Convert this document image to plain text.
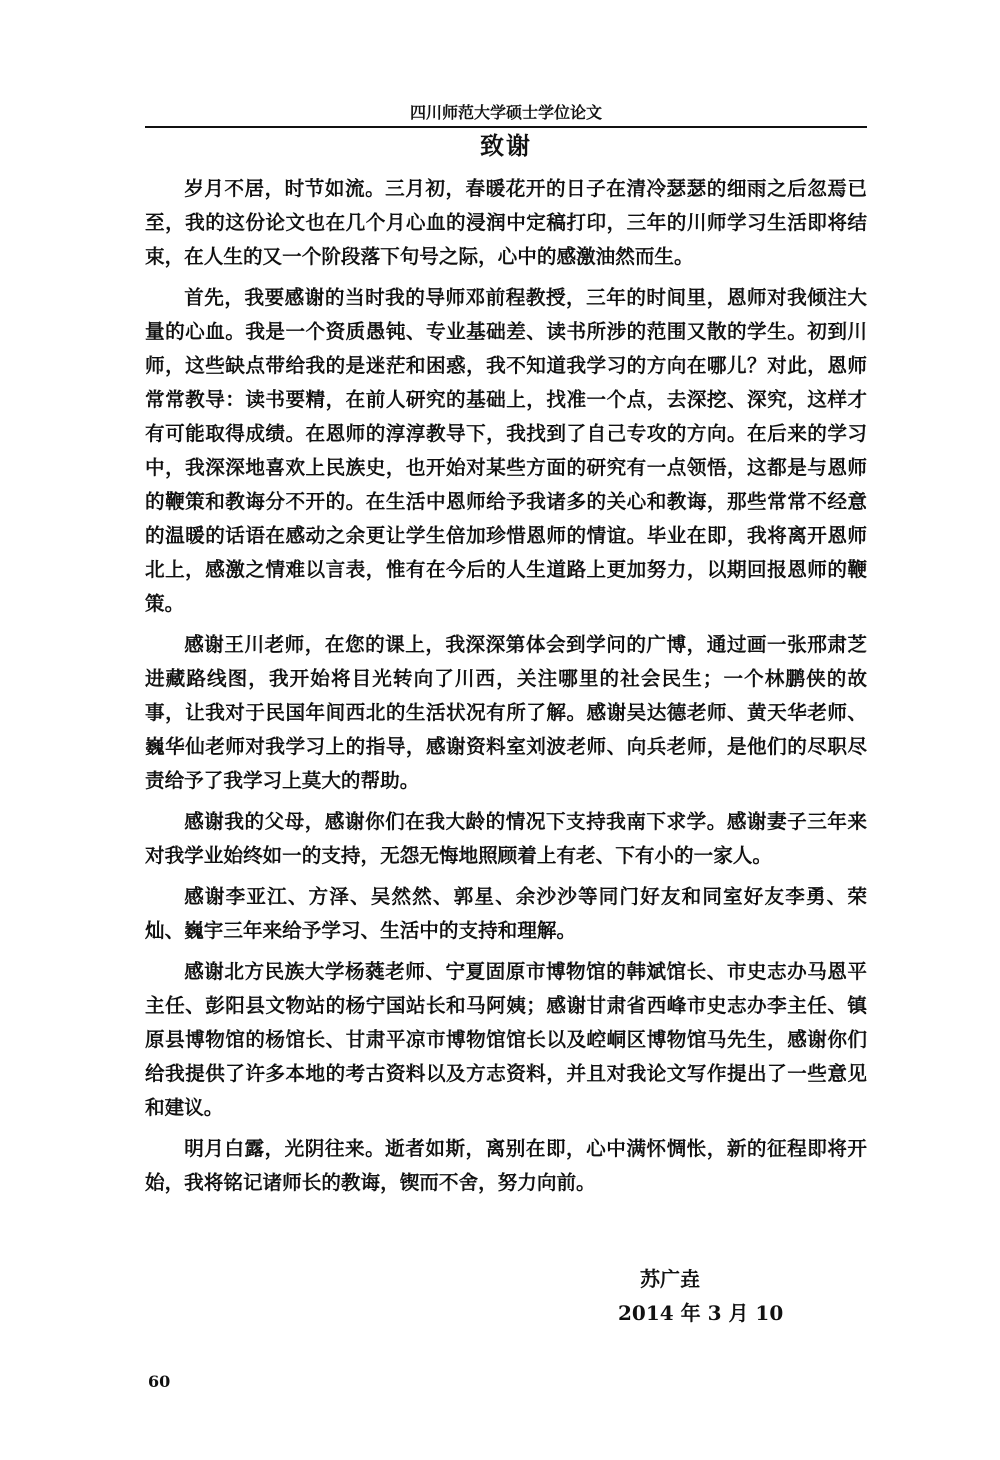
四川师范大学硕士学位论文
致谢

岁月不居，时节如流。三月初，春暖花开的日子在清冷瑟瑟的细雨之后忽焉已至，我的这份论文也在几个月心血的浸润中定稿打印，三年的川师学习生活即将结束，在人生的又一个阶段落下句号之际，心中的感激油然而生。

首先，我要感谢的当时我的导师邓前程教授，三年的时间里，恩师对我倾注大量的心血。我是一个资质愚钝、专业基础差、读书所涉的范围又散的学生。初到川师，这些缺点带给我的是迷茫和困惑，我不知道我学习的方向在哪儿？对此，恩师常常教导：读书要精，在前人研究的基础上，找准一个点，去深挖、深究，这样才有可能取得成绩。在恩师的淳淳教导下，我找到了自己专攻的方向。在后来的学习中，我深深地喜欢上民族史，也开始对某些方面的研究有一点领悟，这都是与恩师的鞭策和教诲分不开的。在生活中恩师给予我诸多的关心和教诲，那些常常不经意的温暖的话语在感动之余更让学生倍加珍惜恩师的情谊。毕业在即，我将离开恩师北上，感激之情难以言表，惟有在今后的人生道路上更加努力，以期回报恩师的鞭策。

感谢王川老师，在您的课上，我深深第体会到学问的广博，通过画一张邢肃芝进藏路线图，我开始将目光转向了川西，关注哪里的社会民生；一个林鹏侠的故事，让我对于民国年间西北的生活状况有所了解。感谢吴达德老师、黄天华老师、巍华仙老师对我学习上的指导，感谢资料室刘波老师、向兵老师，是他们的尽职尽责给予了我学习上莫大的帮助。

感谢我的父母，感谢你们在我大龄的情况下支持我南下求学。感谢妻子三年来对我学业始终如一的支持，无怨无悔地照顾着上有老、下有小的一家人。

感谢李亚江、方泽、吴然然、郭星、余沙沙等同门好友和同室好友李勇、荣灿、巍宇三年来给予学习、生活中的支持和理解。

感谢北方民族大学杨蕤老师、宁夏固原市博物馆的韩斌馆长、市史志办马恩平主任、彭阳县文物站的杨宁国站长和马阿姨；感谢甘肃省西峰市史志办李主任、镇原县博物馆的杨馆长、甘肃平凉市博物馆馆长以及崆峒区博物馆马先生，感谢你们给我提供了许多本地的考古资料以及方志资料，并且对我论文写作提出了一些意见和建议。

明月白露，光阴往来。逝者如斯，离别在即，心中满怀惆怅，新的征程即将开始，我将铭记诸师长的教诲，锲而不舍，努力向前。

苏广垚
2014 年 3 月 10
60
